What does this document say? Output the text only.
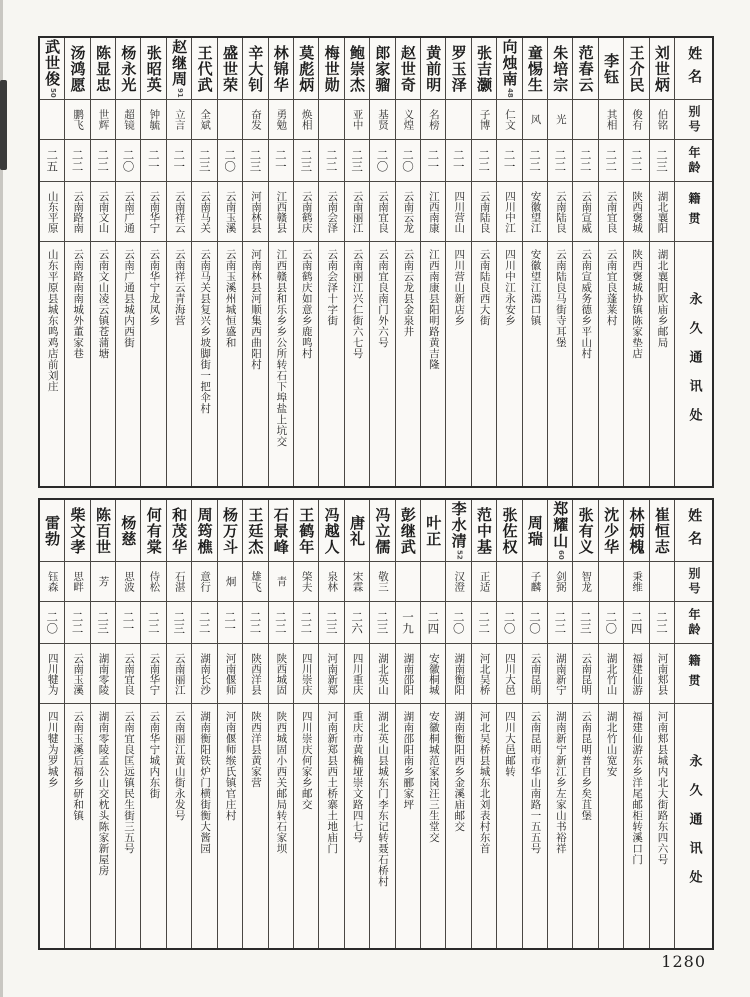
姓名
别号
年龄
籍贯
永久通讯处
刘世炳
伯铭
二三
湖北襄阳
湖北襄阳欧庙乡邮局
王介民
俊有
二二
陕西褒城
陕西褒城协镇陈家垫店
李钰
其相
二二
云南宜良
云南宜良蓬莱村
范春云
二二
云南宣威
云南宣威务德乡平山村
朱培宗
光
二二
云南陆良
云南陆良马街寺耳堡
童惕生
风
二二
安徽望江
安徽望江漹口镇
向烛南
48
仁文
二一
四川中江
四川中江永安乡
张吉灏
子博
二二
云南陆良
云南陆良西大街
罗玉泽
二一
四川营山
四川营山新店乡
黄前明
名榜
二一
江西南康
江西南康县阳明路黄吉隆
赵世奇
义煌
二〇
云南云龙
云南云龙县金泉井
郎家骝
基贤
二〇
云南宜良
云南宜良南门外六号
鲍崇杰
亚中
二三
云南丽江
云南丽江兴仁街六七号
梅世勋
二二
云南会泽
云南会泽十字街
莫彪炳
焕相
二三
云南鹤庆
云南鹤庆如意乡鹿鸣村
林锦华
勇勉
二一
江西赣县
江西赣县和乐乡乡公所转石下埠盐上坑交
辛大钊
奋发
二三
河南林县
河南林县河顺集西曲阳村
盛世荣
二〇
云南玉溪
云南玉溪州城恒盛和
王代武
全斌
二三
云南马关
云南马关县复兴乡坡脚街一把伞村
赵继周
91
立言
二一
云南祥云
云南祥云青海营
张昭英
钟毓
二一
云南华宁
云南华宁龙凤乡
杨永光
超镜
二〇
云南广通
云南广通县城内西街
陈显忠
世辉
二二
云南文山
云南文山凌云镇苍蒲塘
汤鸿愿
鹏飞
二二
云南路南
云南路南南城外董家巷
武世俊
50
二五
山东平原
山东平原县城东鸣鸡店前刘庄
姓名
别号
年龄
籍贯
永久通讯处
崔恒志
二二
河南郏县
河南郏县城内北大街路东四六号
林炳槐
秉维
二四
福建仙游
福建仙游东乡洋尾邮柜转溪口门
沈少华
二〇
湖北竹山
湖北竹山宽安
张有义
智龙
二三
云南昆明
云南昆明普自乡矣苴堡
郑耀山
60
剑弼
二二
湖南新宁
湖南新宁新江乡左家山书裕祥
周瑞
子麟
二〇
云南昆明
云南昆明市华山南路一五五号
张佐权
二〇
四川大邑
四川大邑邮转
范中基
正适
二二
河北吴桥
河北吴桥县城东北刘表村东首
李水清
52
汉澄
二〇
湖南衡阳
湖南衡阳西乡金溪庙邮交
叶正
二四
安徽桐城
安徽桐城范家岗汪三生堂交
彭继武
一九
湖南邵阳
湖南邵阳南乡郦家坪
冯立儒
敬三
二三
湖北英山
湖北英山县城东门李东记转聂石桥村
唐礼
宋霖
二六
四川重庆
重庆市黄桷垭崇文路四七号
冯越人
泉林
二三
河南新郑
河南新郑县西土桥寨土地庙门
王鹤年
棨夫
二二
四川崇庆
四川崇庆何家乡邮交
石景峰
青
二二
陕西城固
陕西城固小西关邮局转石家坝
王廷杰
雄飞
二二
陕西洋县
陕西洋县黄家营
杨万斗
炯
二一
河南偃师
河南偃师缑氏镇官庄村
周筠樵
意行
二二
湖南长沙
湖南衡阳铁炉门横街衡大酱园
和茂华
石湛
二三
云南丽江
云南丽江黄山街永发号
何有棠
侍松
二二
云南华宁
云南华宁城内东街
杨慈
思波
二一
云南宜良
云南宜良匡远镇民生街三五号
陈百世
芳
二三
湖南零陵
湖南零陵孟公山交枕头陈家新屋房
柴文孝
思畔
二二
云南玉溪
云南玉溪后福乡研和镇
雷勃
钰森
二〇
四川犍为
四川犍为罗城乡
1280
